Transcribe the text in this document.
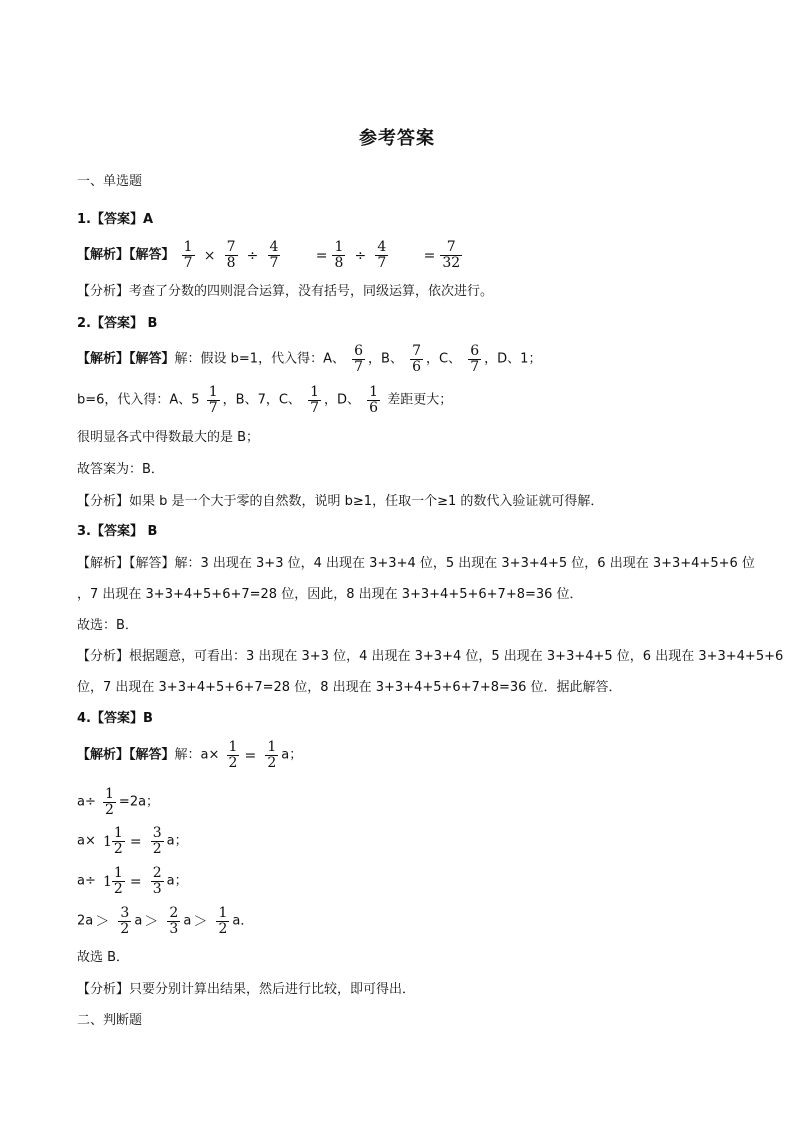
参考答案
一、单选题
1.【答案】A
【解析】【解答】 $\frac{1}{7} \times \frac{7}{8} \div \frac{4}{7}$	= $\frac{1}{8} \div \frac{4}{7}$	= $\frac{7}{32}$
【分析】考查了分数的四则混合运算，没有括号，同级运算，依次进行。
2.【答案】 B
【解析】【解答】解：假设 b=1，代入得：A、 $\frac{6}{7}$ ，B、 $\frac{7}{6}$ ，C、 $\frac{6}{7}$ ，D、1；
b=6，代入得：A、$5 \frac{1}{7}$ ，B、7，C、 $\frac{1}{7}$ ，D、 $\frac{1}{6}$ 差距更大；
很明显各式中得数最大的是 B；
故答案为：B．
【分析】如果 b 是一个大于零的自然数，说明 b≥1，任取一个≥1 的数代入验证就可得解．
3.【答案】 B
【解析】【解答】解：3 出现在 3+3 位，4 出现在 3+3+4 位，5 出现在 3+3+4+5 位，6 出现在 3+3+4+5+6 位
，7 出现在 3+3+4+5+6+7=28 位，因此，8 出现在 3+3+4+5+6+7+8=36 位．
故选：B．
【分析】根据题意，可看出：3 出现在 3+3 位，4 出现在 3+3+4 位，5 出现在 3+3+4+5 位，6 出现在 3+3+4+5+6
位，7 出现在 3+3+4+5+6+7=28 位，8 出现在 3+3+4+5+6+7+8=36 位．据此解答．
4.【答案】B
【解析】【解答】解：$a\times \frac{1}{2} = \frac{1}{2}$ a；
$a\div \frac{1}{2} =2a$；
$a\times 1 \frac{1}{2} = \frac{3}{2}$ a；
$a\div 1 \frac{1}{2} = \frac{2}{3}$ a；
$2a > \frac{3}{2}$ $a > \frac{2}{3}$ $a > \frac{1}{2}$ a．
故选 B．
【分析】只要分别计算出结果，然后进行比较，即可得出．
二、判断题
